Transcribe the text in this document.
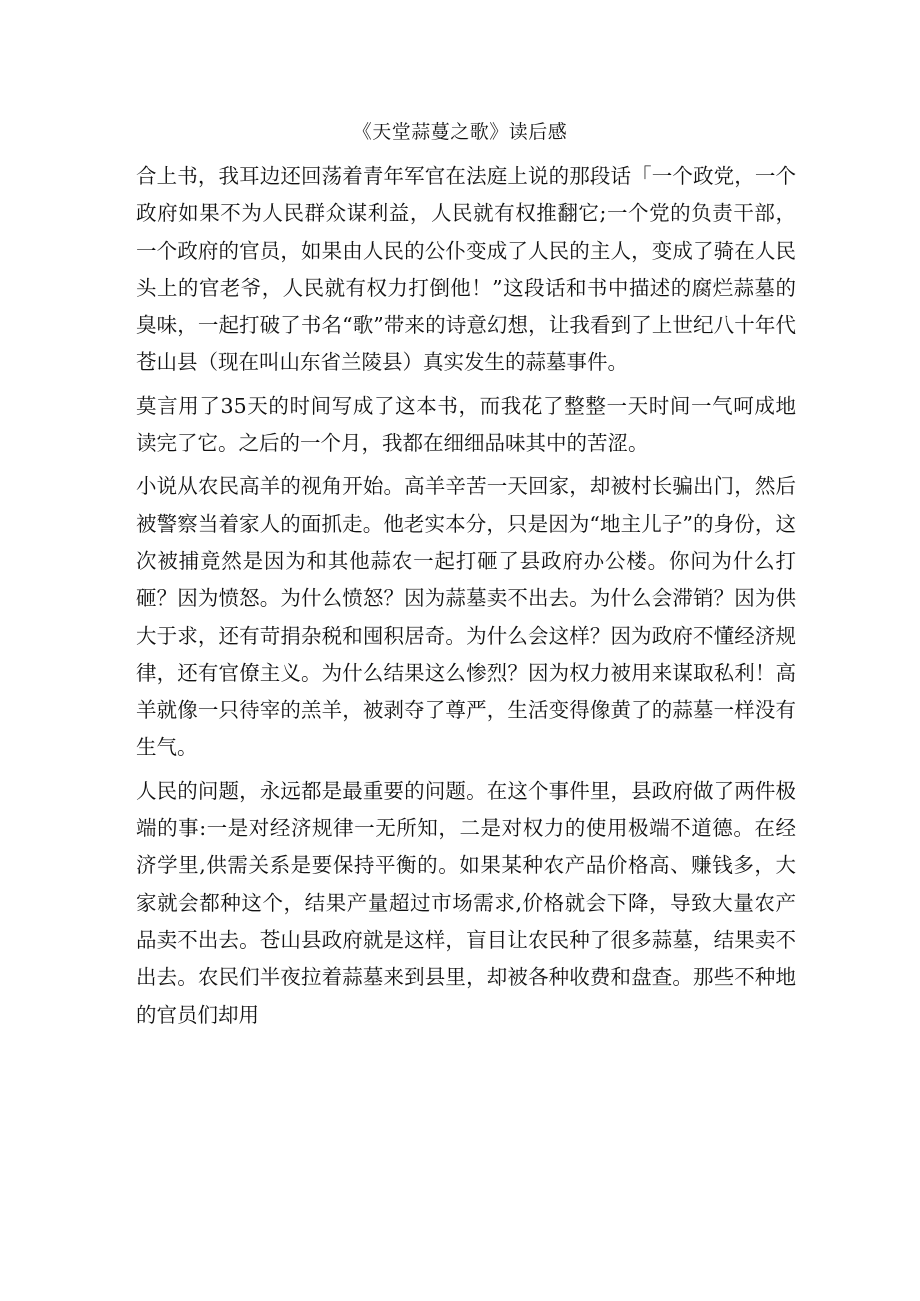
《天堂蒜蔓之歌》读后感

合上书，我耳边还回荡着青年军官在法庭上说的那段话「一个政党，一个政府如果不为人民群众谋利益，人民就有权推翻它;一个党的负责干部，一个政府的官员，如果由人民的公仆变成了人民的主人，变成了骑在人民头上的官老爷，人民就有权力打倒他！”这段话和书中描述的腐烂蒜墓的臭味，一起打破了书名“歌”带来的诗意幻想，让我看到了上世纪八十年代苍山县（现在叫山东省兰陵县）真实发生的蒜墓事件。

莫言用了35天的时间写成了这本书，而我花了整整一天时间一气呵成地读完了它。之后的一个月，我都在细细品味其中的苦涩。

小说从农民高羊的视角开始。高羊辛苦一天回家，却被村长骗出门，然后被警察当着家人的面抓走。他老实本分，只是因为“地主儿子”的身份，这次被捕竟然是因为和其他蒜农一起打砸了县政府办公楼。你问为什么打砸？因为愤怒。为什么愤怒？因为蒜墓卖不出去。为什么会滞销？因为供大于求，还有苛捐杂税和囤积居奇。为什么会这样？因为政府不懂经济规律，还有官僚主义。为什么结果这么惨烈？因为权力被用来谋取私利！高羊就像一只待宰的羔羊，被剥夺了尊严，生活变得像黄了的蒜墓一样没有生气。

人民的问题，永远都是最重要的问题。在这个事件里，县政府做了两件极端的事:一是对经济规律一无所知，二是对权力的使用极端不道德。在经济学里,供需关系是要保持平衡的。如果某种农产品价格高、赚钱多，大家就会都种这个，结果产量超过市场需求,价格就会下降，导致大量农产品卖不出去。苍山县政府就是这样，盲目让农民种了很多蒜墓，结果卖不出去。农民们半夜拉着蒜墓来到县里，却被各种收费和盘查。那些不种地的官员们却用
